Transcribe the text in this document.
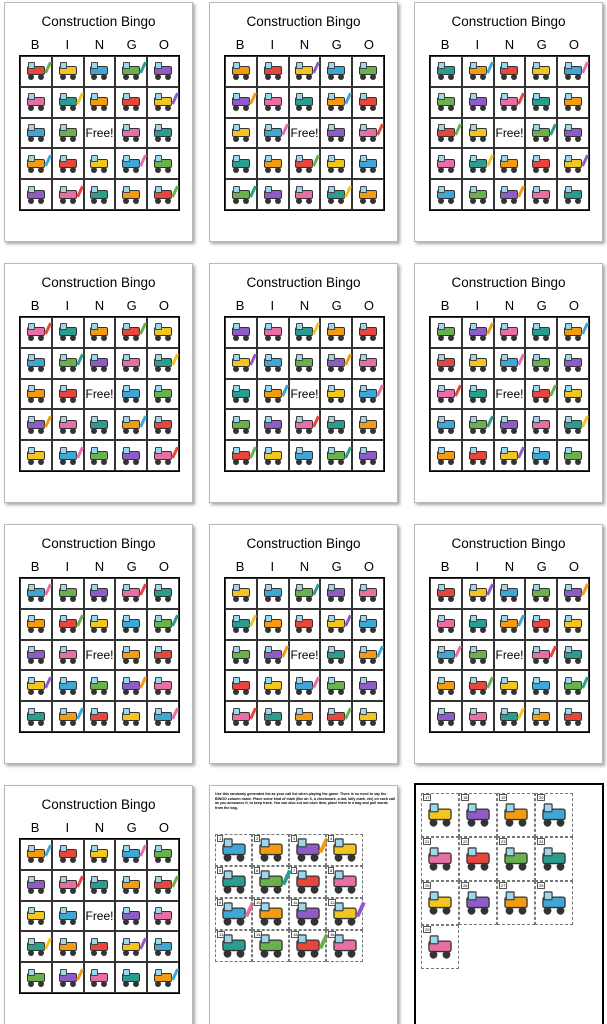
Construction Bingo
B	I	N	G	O
Free!
Construction Bingo
B	I	N	G	O
Free!
Construction Bingo
B	I	N	G	O
Free!
Construction Bingo
B	I	N	G	O
Free!
Construction Bingo
B	I	N	G	O
Free!
Construction Bingo
B	I	N	G	O
Free!
Construction Bingo
B	I	N	G	O
Free!
Construction Bingo
B	I	N	G	O
Free!
Construction Bingo
B	I	N	G	O
Free!
Construction Bingo
B	I	N	G	O
Free!
Use this randomly generated list as your call list when playing the game. There is no need to say the BINGO column name. Place some kind of mark (like an X, a checkmark, a dot, tally mark, etc) on each call as you announce it, to keep track. You can also cut out each item, place them in a bag and pull words from the bag.
1	2	3	4
5	6	7	8
9	10	11	12
13	14	15	16
17	18	19	20
21	22	23	24
25	26	27	28
29
